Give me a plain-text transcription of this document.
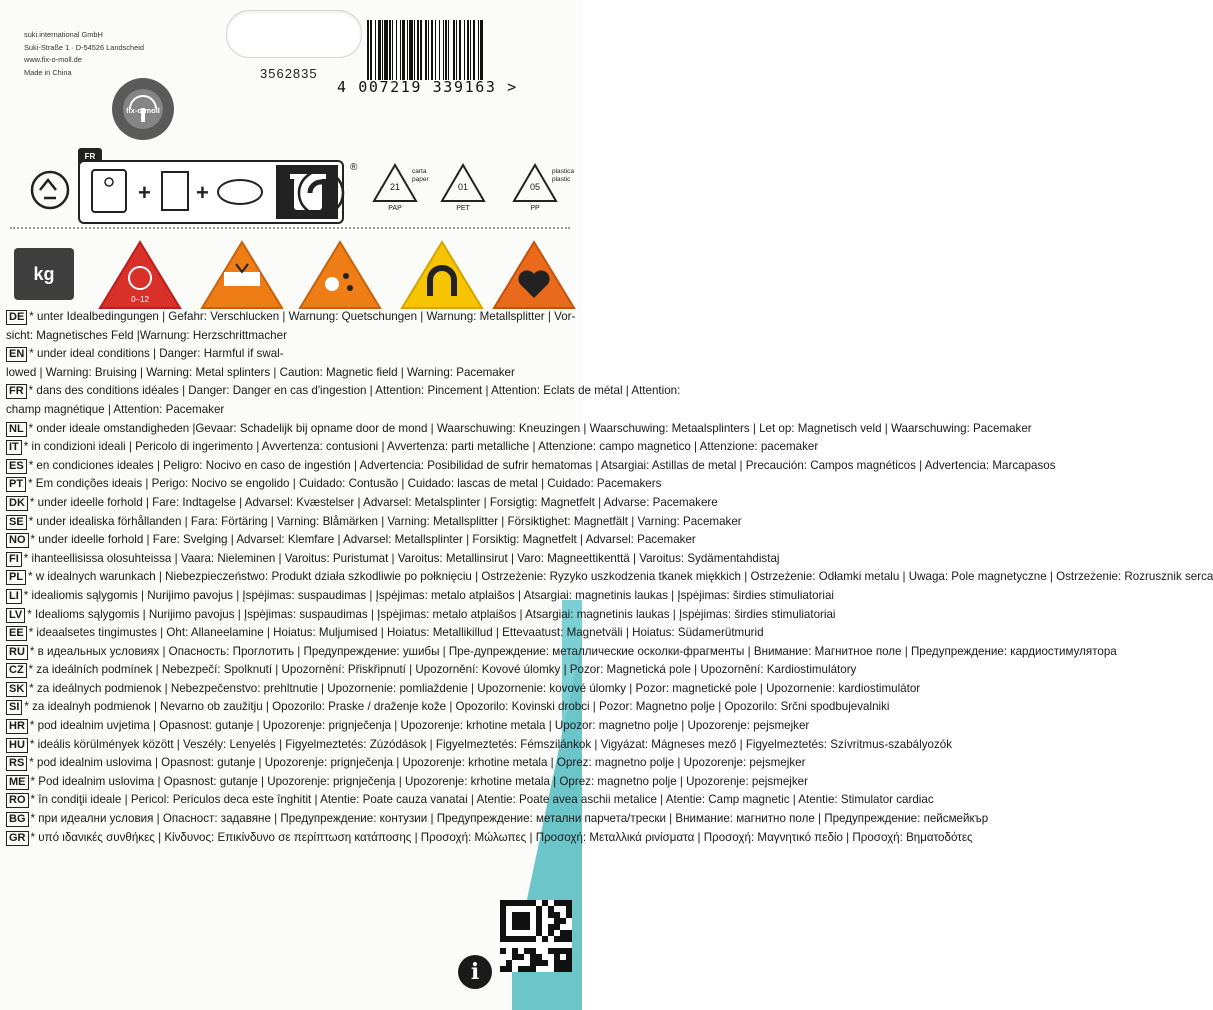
suki.international GmbH
Suki-Straße 1 · D-54526 Landscheid
www.fix-o-moll.de
Made in China	3562835
4 007219 339163 >
fix-o-moll
FR
+ +
®
21
PAP
carta paper
01
PET
05
PP
plastica plastic
kg
0–12
DE * unter Idealbedingungen | Gefahr: Verschlucken | Warnung: Quetschungen | Warnung: Metallsplitter | Vor-
sicht: Magnetisches Feld |Warnung: Herzschrittmacher
EN * under ideal conditions | Danger: Harmful if swal-
lowed | Warning: Bruising | Warning: Metal splinters | Caution: Magnetic field | Warning: Pacemaker
FR * dans des conditions idéales | Danger: Danger en cas d'ingestion | Attention: Pincement | Attention: Eclats de métal | Attention:
champ magnétique | Attention: Pacemaker
NL * onder ideale omstandigheden |Gevaar: Schadelijk bij opname door de mond | Waarschuwing: Kneuzingen | Waarschuwing: Metaalsplinters | Let op: Magnetisch veld | Waarschuwing: Pacemaker
IT * in condizioni ideali | Pericolo di ingerimento | Avvertenza: contusioni | Avvertenza: parti metalliche | Attenzione: campo magnetico | Attenzione: pacemaker
ES * en condiciones ideales | Peligro: Nocivo en caso de ingestión | Advertencia: Posibilidad de sufrir hematomas | Atsargiai: Astillas de metal | Precaución: Campos magnéticos | Advertencia: Marcapasos
PT * Em condições ideais | Perigo: Nocivo se engolido | Cuidado: Contusão | Cuidado: lascas de metal | Cuidado: Pacemakers
DK * under ideelle forhold | Fare: Indtagelse | Advarsel: Kvæstelser | Advarsel: Metalsplinter | Forsigtig: Magnetfelt | Advarse: Pacemakere
SE * under idealiska förhållanden | Fara: Förtäring | Varning: Blåmärken | Varning: Metallsplitter | Försiktighet: Magnetfält | Varning: Pacemaker
NO * under ideelle forhold | Fare: Svelging | Advarsel: Klemfare | Advarsel: Metallsplinter | Forsiktig: Magnetfelt | Advarsel: Pacemaker
FI * ihanteellisissa olosuhteissa | Vaara: Nieleminen | Varoitus: Puristumat | Varoitus: Metallinsirut | Varo: Magneettikenttä | Varoitus: Sydämentahdistaj
PL * w idealnych warunkach | Niebezpieczeństwo: Produkt działa szkodliwie po połknięciu | Ostrzeżenie: Ryzyko uszkodzenia tkanek miękkich | Ostrzeżenie: Odłamki metalu | Uwaga: Pole magnetyczne | Ostrzeżenie: Rozrusznik serca
LI * idealiomis sąlygomis | Nurijimo pavojus | Įspėjimas: suspaudimas | Įspėjimas: metalo atplaišos | Atsargiai: magnetinis laukas | Įspėjimas: širdies stimuliatoriai
LV * Idealioms sąlygomis | Nurijimo pavojus | Įspėjimas: suspaudimas | Įspėjimas: metalo atplaišos | Atsargiai: magnetinis laukas | Įspėjimas: širdies stimuliatoriai
EE * ideaalsetes tingimustes | Oht: Allaneelamine | Hoiatus: Muljumised | Hoiatus: Metallikillud | Ettevaatust: Magnetväli | Hoiatus: Südamerütmurid
RU * в идеальных условиях | Опасность: Проглотить | Предупреждение: ушибы | Пре-дупреждение: металлические осколки-фрагменты | Внимание: Магнитное поле | Предупреждение: кардиостимулятора
CZ * za ideálních podmínek | Nebezpečí: Spolknutí | Upozornění: Přiskřipnutí | Upozornění: Kovové úlomky | Pozor: Magnetická pole | Upozornění: Kardiostimulátory
SK * za ideálnych podmienok | Nebezpečenstvo: prehltnutie | Upozornenie: pomliaždenie | Upozornenie: kovové úlomky | Pozor: magnetické pole | Upozornenie: kardiostimulátor
SI * za idealnyh podmienok | Nevarno ob zaužitju | Opozorilo: Praske / draženje kože | Opozorilo: Kovinski drobci | Pozor: Magnetno polje | Opozorilo: Srčni spodbujevalniki
HR * pod idealnim uvjetima | Opasnost: gutanje | Upozorenje: prignječenja | Upozorenje: krhotine metala | Upozor: magnetno polje | Upozorenje: pejsmejker
HU * ideális körülmények között | Veszély: Lenyelés | Figyelmeztetés: Zúzódások | Figyelmeztetés: Fémszilánkok | Vigyázat: Mágneses mező | Figyelmeztetés: Szívritmus-szabályozók
RS * pod idealnim uslovima | Opasnost: gutanje | Upozorenje: prignječenja | Upozorenje: krhotine metala | Oprez: magnetno polje | Upozorenje: pejsmejker
ME * Pod idealnim uslovima | Opasnost: gutanje | Upozorenje: prignječenja | Upozorenje: krhotine metala | Oprez: magnetno polje | Upozorenje: pejsmejker
RO * în condiţii ideale | Pericol: Periculos deca este înghitit | Atentie: Poate cauza vanatai | Atentie: Poate avea aschii metalice | Atentie: Camp magnetic | Atentie: Stimulator cardiac
BG * при идеални условия | Опасност: задавяне | Предупреждение: контузии | Предупреждение: метални парчета/трески | Внимание: магнитно поле | Предупреждение: пейсмейкър
GR * υπό ιδανικές συνθήκες | Κίνδυνος: Επικίνδυνο σε περίπτωση κατάποσης | Προσοχή: Μώλωπες | Προσοχή: Μεταλλικά ρινίσματα | Προσοχή: Μαγνητικό πεδίο | Προσοχή: Βηματοδότες
i
